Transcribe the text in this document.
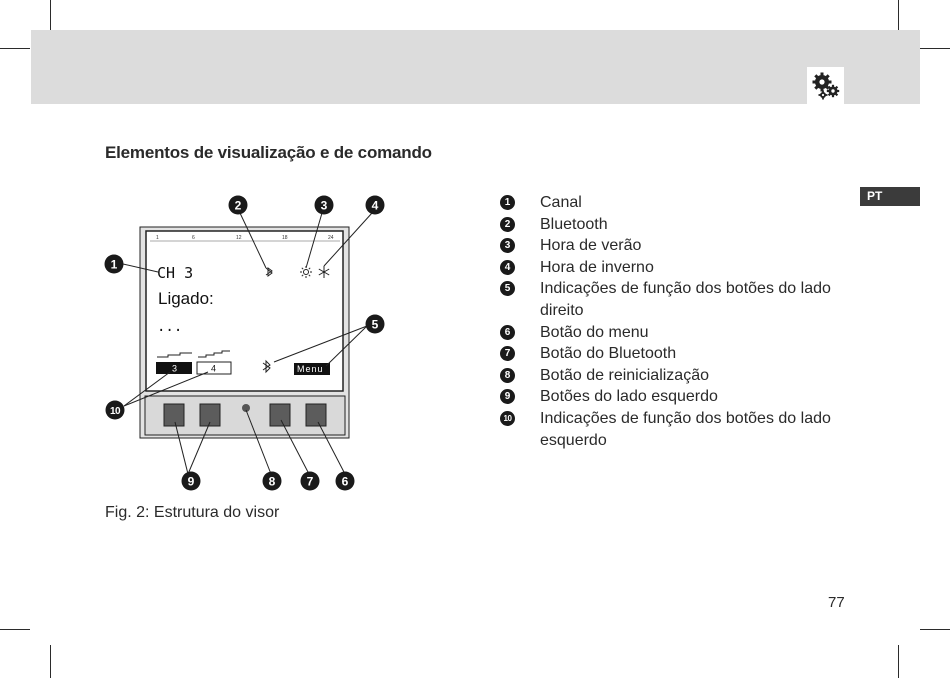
PT
Elementos de visualização e de comando
1	6	12	18	24
CH 3
Ligado:
...
3	4	Menu
1
2	3	4
5
6
7
8
9
10
Fig. 2: Estrutura do visor
1 Canal
2 Bluetooth
3 Hora de verão
4 Hora de inverno
5 Indicações de função dos botões do lado direito
6 Botão do menu
7 Botão do Bluetooth
8 Botão de reinicialização
9 Botões do lado esquerdo
10 Indicações de função dos botões do lado esquerdo
77
